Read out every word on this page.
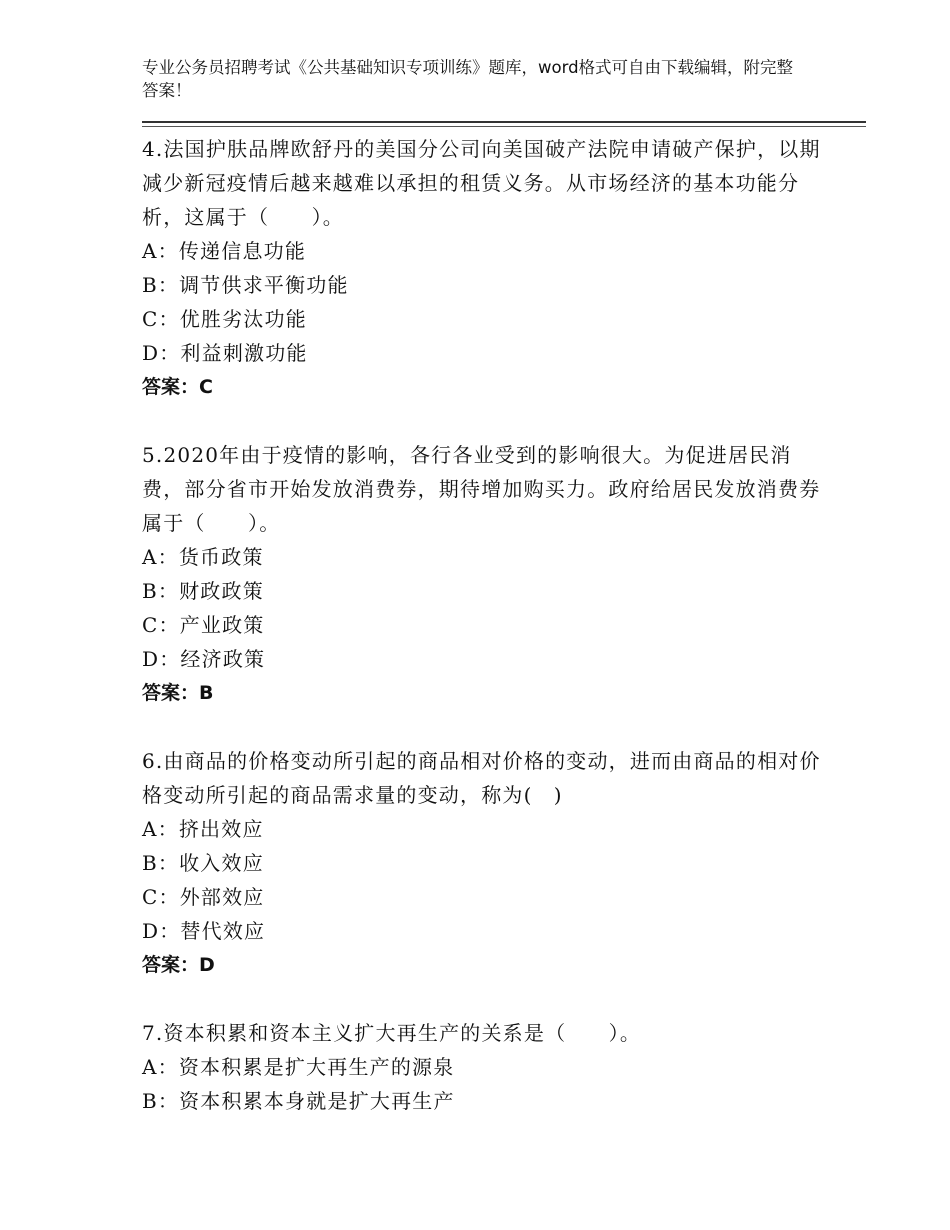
专业公务员招聘考试《公共基础知识专项训练》题库，word格式可自由下载编辑，附完整答案！

4.法国护肤品牌欧舒丹的美国分公司向美国破产法院申请破产保护，以期减少新冠疫情后越来越难以承担的租赁义务。从市场经济的基本功能分析，这属于（　　）。

A：传递信息功能

B：调节供求平衡功能

C：优胜劣汰功能

D：利益刺激功能

答案：C

5.2020年由于疫情的影响，各行各业受到的影响很大。为促进居民消费，部分省市开始发放消费券，期待增加购买力。政府给居民发放消费券属于（　　）。

A：货币政策

B：财政政策

C：产业政策

D：经济政策

答案：B

6.由商品的价格变动所引起的商品相对价格的变动，进而由商品的相对价格变动所引起的商品需求量的变动，称为(　)

A：挤出效应

B：收入效应

C：外部效应

D：替代效应

答案：D

7.资本积累和资本主义扩大再生产的关系是（　　）。

A：资本积累是扩大再生产的源泉

B：资本积累本身就是扩大再生产
